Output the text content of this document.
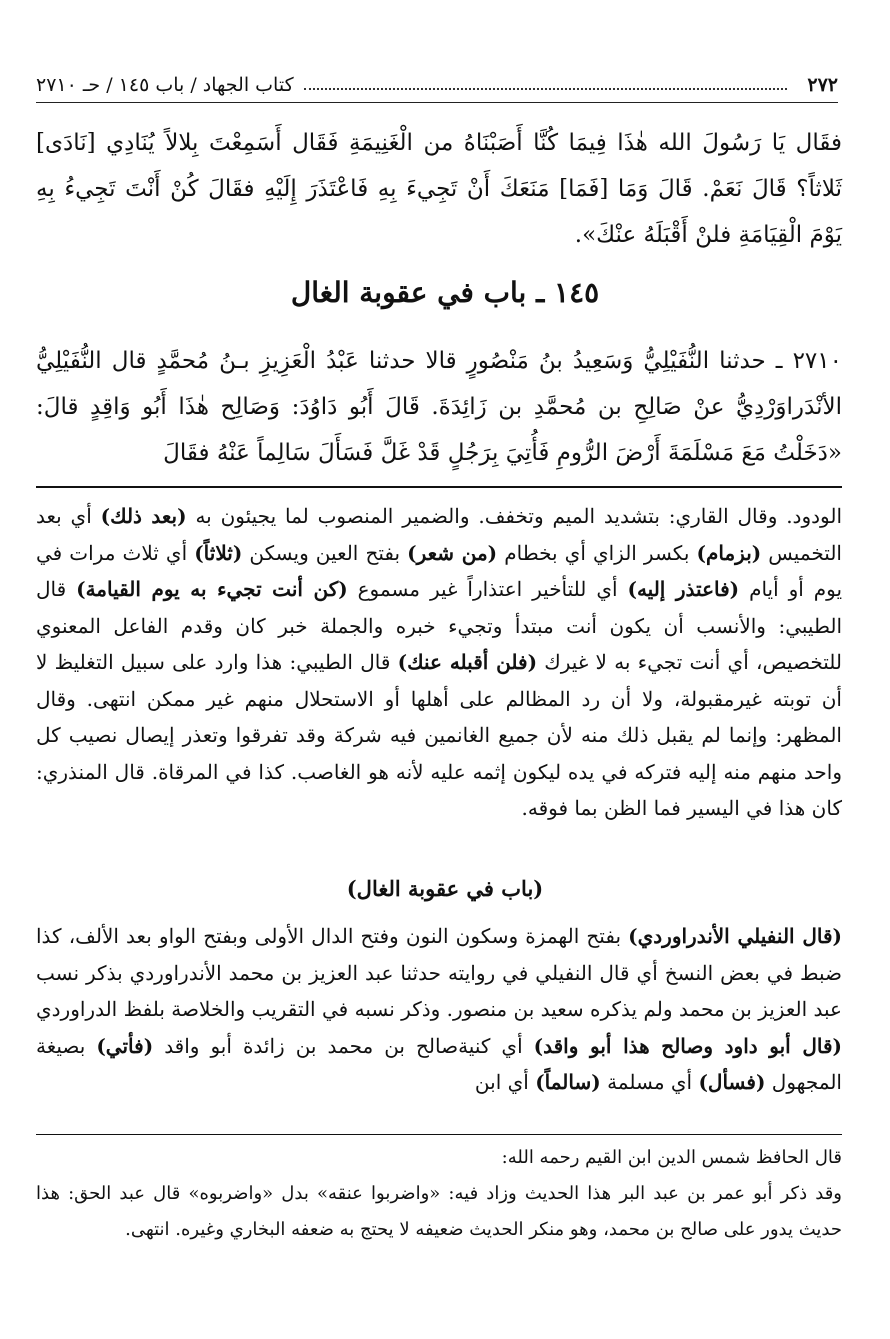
٢٧٢
كتاب الجهاد / باب ١٤٥ / حـ ٢٧١٠
فقَال يَا رَسُولَ الله هٰذَا فِيمَا كُنَّا أَصَبْنَاهُ من الْغَنِيمَةِ فَقَال أَسَمِعْتَ بِلالاً يُنَادِي [نَادَى] ثَلاثاً؟ قَالَ نَعَمْ. قَالَ وَمَا [فَمَا] مَنَعَكَ أَنْ تَجِيءَ بِهِ فَاعْتَذَرَ إِلَيْهِ فقَالَ كُنْ أَنْتَ تَجِيءُ بِهِ يَوْمَ الْقِيَامَةِ فلنْ أَقْبَلَهُ عنْكَ».
١٤٥ ـ باب في عقوبة الغال
٢٧١٠ ـ حدثنا النُّفَيْلِيُّ وَسَعِيدُ بنُ مَنْصُورٍ قالا حدثنا عَبْدُ الْعَزِيزِ بـنُ مُحمَّدٍ قال النُّفَيْلِيُّ الأنْدَراوَرْدِيُّ عنْ صَالِحِ بن مُحمَّدِ بن زَائِدَةَ. قَالَ أَبُو دَاوُدَ: وَصَالِح هٰذَا أَبُو وَاقِدٍ قالَ: «دَخَلْتُ مَعَ مَسْلَمَةَ أَرْضَ الرُّومِ فَأُتِيَ بِرَجُلٍ قَدْ غَلَّ فَسَأَلَ سَالِماً عَنْهُ فقَالَ
الودود. وقال القاري: بتشديد الميم وتخفف. والضمير المنصوب لما يجيئون به (بعد ذلك) أي بعد التخميس (بزمام) بكسر الزاي أي بخطام (من شعر) بفتح العين ويسكن (ثلاثاً) أي ثلاث مرات في يوم أو أيام (فاعتذر إليه) أي للتأخير اعتذاراً غير مسموع (كن أنت تجيء به يوم القيامة) قال الطيبي: والأنسب أن يكون أنت مبتدأ وتجيء خبره والجملة خبر كان وقدم الفاعل المعنوي للتخصيص، أي أنت تجيء به لا غيرك (فلن أقبله عنك) قال الطيبي: هذا وارد على سبيل التغليظ لا أن توبته غيرمقبولة، ولا أن رد المظالم على أهلها أو الاستحلال منهم غير ممكن انتهى. وقال المظهر: وإنما لم يقبل ذلك منه لأن جميع الغانمين فيه شركة وقد تفرقوا وتعذر إيصال نصيب كل واحد منهم منه إليه فتركه في يده ليكون إثمه عليه لأنه هو الغاصب. كذا في المرقاة. قال المنذري: كان هذا في اليسير فما الظن بما فوقه.
(باب في عقوبة الغال)
(قال النفيلي الأندراوردي) بفتح الهمزة وسكون النون وفتح الدال الأولى وبفتح الواو بعد الألف، كذا ضبط في بعض النسخ أي قال النفيلي في روايته حدثنا عبد العزيز بن محمد الأندراوردي بذكر نسب عبد العزيز بن محمد ولم يذكره سعيد بن منصور. وذكر نسبه في التقريب والخلاصة بلفظ الدراوردي (قال أبو داود وصالح هذا أبو واقد) أي كنيةصالح بن محمد بن زائدة أبو واقد (فأتي) بصيغة المجهول (فسأل) أي مسلمة (سالماً) أي ابن
قال الحافظ شمس الدين ابن القيم رحمه الله:
وقد ذكر أبو عمر بن عبد البر هذا الحديث وزاد فيه: «واضربوا عنقه» بدل «واضربوه» قال عبد الحق: هذا حديث يدور على صالح بن محمد، وهو منكر الحديث ضعيفه لا يحتج به ضعفه البخاري وغيره. انتهى.
